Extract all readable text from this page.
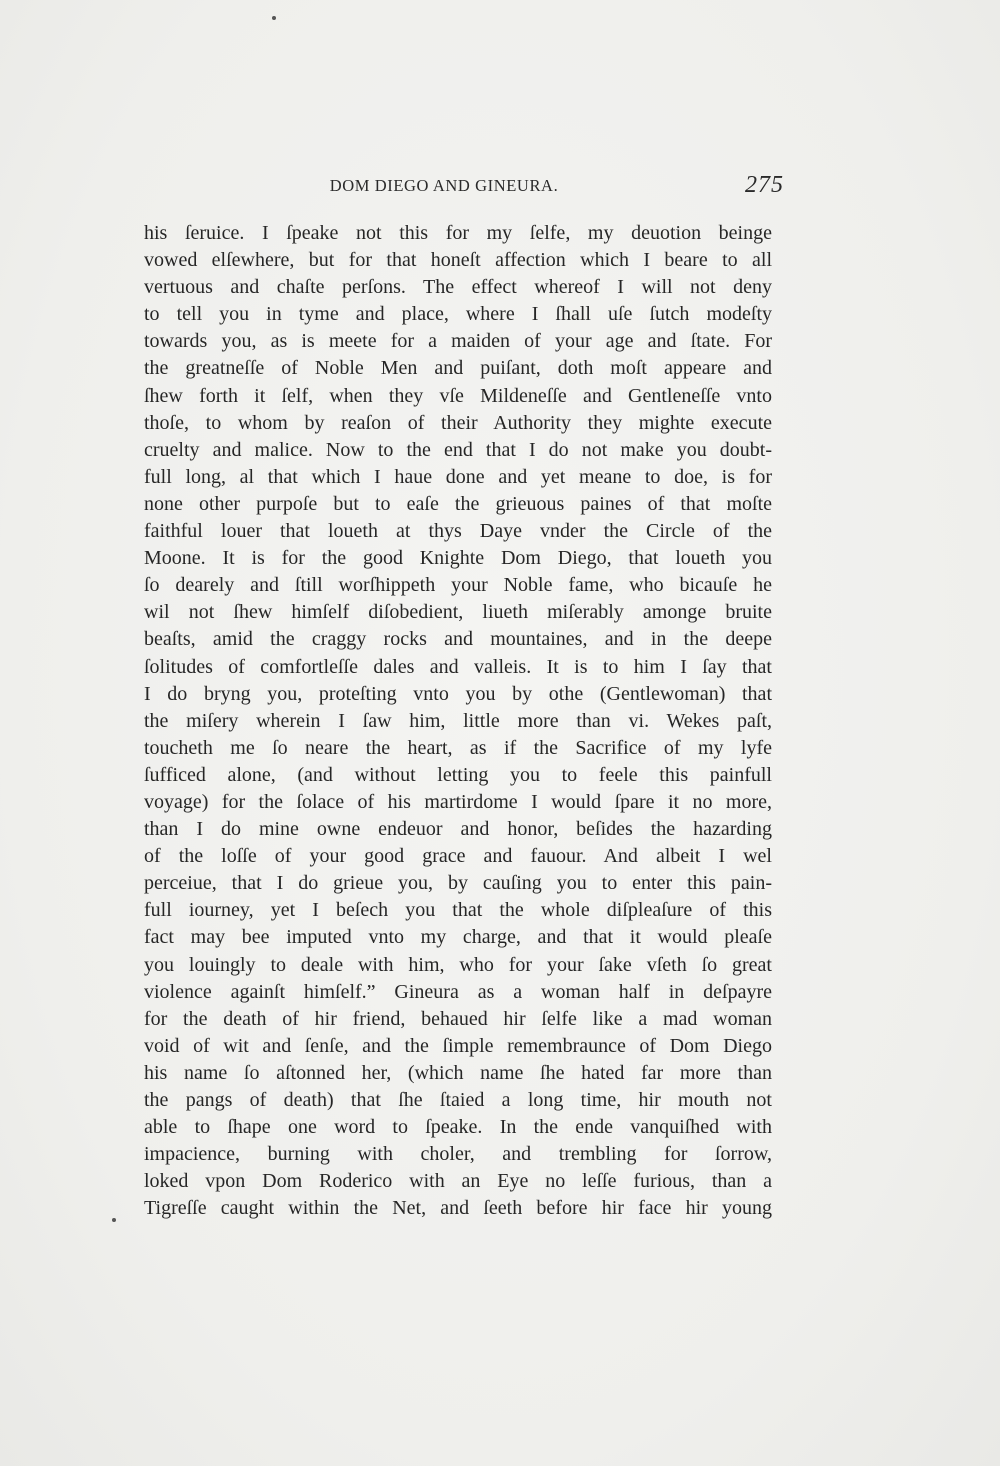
DOM DIEGO AND GINEURA.	275
his ſeruice. I ſpeake not this for my ſelfe, my deuotion beinge
vowed elſewhere, but for that honeſt affection which I beare to all
vertuous and chaſte perſons. The effect whereof I will not deny
to tell you in tyme and place, where I ſhall uſe ſutch modeſty
towards you, as is meete for a maiden of your age and ſtate. For
the greatneſſe of Noble Men and puiſant, doth moſt appeare and
ſhew forth it ſelf, when they vſe Mildeneſſe and Gentleneſſe vnto
thoſe, to whom by reaſon of their Authority they mighte execute
cruelty and malice. Now to the end that I do not make you doubt-
full long, al that which I haue done and yet meane to doe, is for
none other purpoſe but to eaſe the grieuous paines of that moſte
faithful louer that loueth at thys Daye vnder the Circle of the
Moone. It is for the good Knighte Dom Diego, that loueth you
ſo dearely and ſtill worſhippeth your Noble fame, who bicauſe he
wil not ſhew himſelf diſobedient, liueth miſerably amonge bruite
beaſts, amid the craggy rocks and mountaines, and in the deepe
ſolitudes of comfortleſſe dales and valleis. It is to him I ſay that
I do bryng you, proteſting vnto you by othe (Gentlewoman) that
the miſery wherein I ſaw him, little more than vi. Wekes paſt,
toucheth me ſo neare the heart, as if the Sacrifice of my lyfe
ſufficed alone, (and without letting you to feele this painfull
voyage) for the ſolace of his martirdome I would ſpare it no more,
than I do mine owne endeuor and honor, beſides the hazarding
of the loſſe of your good grace and fauour. And albeit I wel
perceiue, that I do grieue you, by cauſing you to enter this pain-
full iourney, yet I beſech you that the whole diſpleaſure of this
fact may bee imputed vnto my charge, and that it would pleaſe
you louingly to deale with him, who for your ſake vſeth ſo great
violence againſt himſelf.” Gineura as a woman half in deſpayre
for the death of hir friend, behaued hir ſelfe like a mad woman
void of wit and ſenſe, and the ſimple remembraunce of Dom Diego
his name ſo aſtonned her, (which name ſhe hated far more than
the pangs of death) that ſhe ſtaied a long time, hir mouth not
able to ſhape one word to ſpeake. In the ende vanquiſhed with
impacience, burning with choler, and trembling for ſorrow,
loked vpon Dom Roderico with an Eye no leſſe furious, than a
Tigreſſe caught within the Net, and ſeeth before hir face hir young
